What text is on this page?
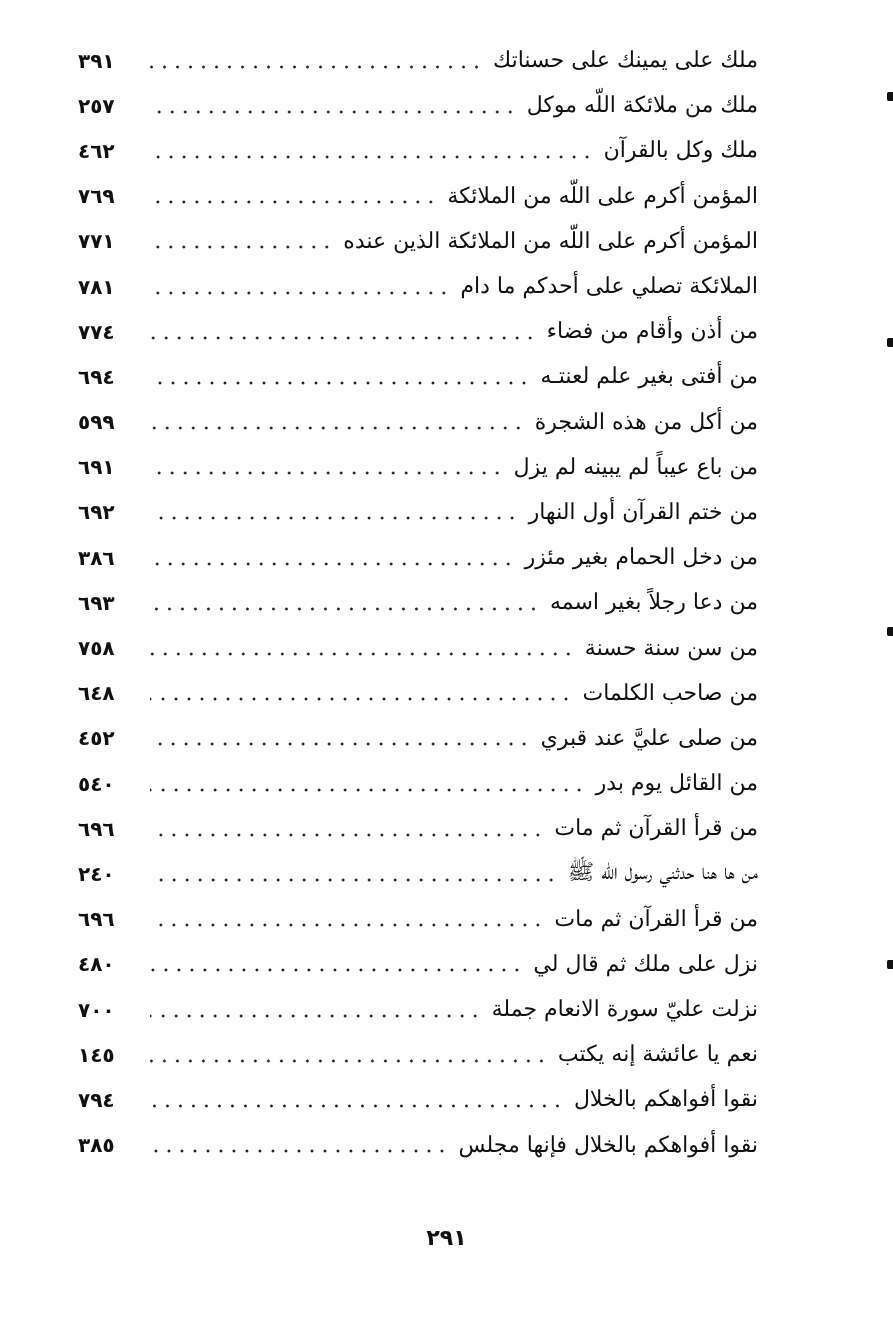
٣٩١	ملك على يمينك على حسناتك
٢٥٧	ملك من ملائكة اللّه موكل
٤٦٢	ملك وكل بالقرآن
٧٦٩	المؤمن أكرم على اللّه من الملائكة
٧٧١	المؤمن أكرم على اللّه من الملائكة الذين عنده
٧٨١	الملائكة تصلي على أحدكم ما دام
٧٧٤	من أذن وأقام من فضاء
٦٩٤	من أفتى بغير علم لعنتـه
٥٩٩	من أكل من هذه الشجرة
٦٩١	من باع عيباً لم يبينه لم يزل
٦٩٢	من ختم القرآن أول النهار
٣٨٦	من دخل الحمام بغير مئزر
٦٩٣	من دعا رجلاً بغير اسمه
٧٥٨	من سن سنة حسنة
٦٤٨	من صاحب الكلمات
٤٥٢	من صلى عليَّ عند قبري
٥٤٠	من القائل يوم بدر
٦٩٦	من قرأ القرآن ثم مات
٢٤٠	من ها هنا حدثني رسول اللّه ﷺ
٦٩٦	من قرأ القرآن ثم مات
٤٨٠	نزل على ملك ثم قال لي
٧٠٠	نزلت عليّ سورة الانعام جملة
١٤٥	نعم يا عائشة إنه يكتب
٧٩٤	نقوا أفواهكم بالخلال
٣٨٥	نقوا أفواهكم بالخلال فإنها مجلس
٢٩١
